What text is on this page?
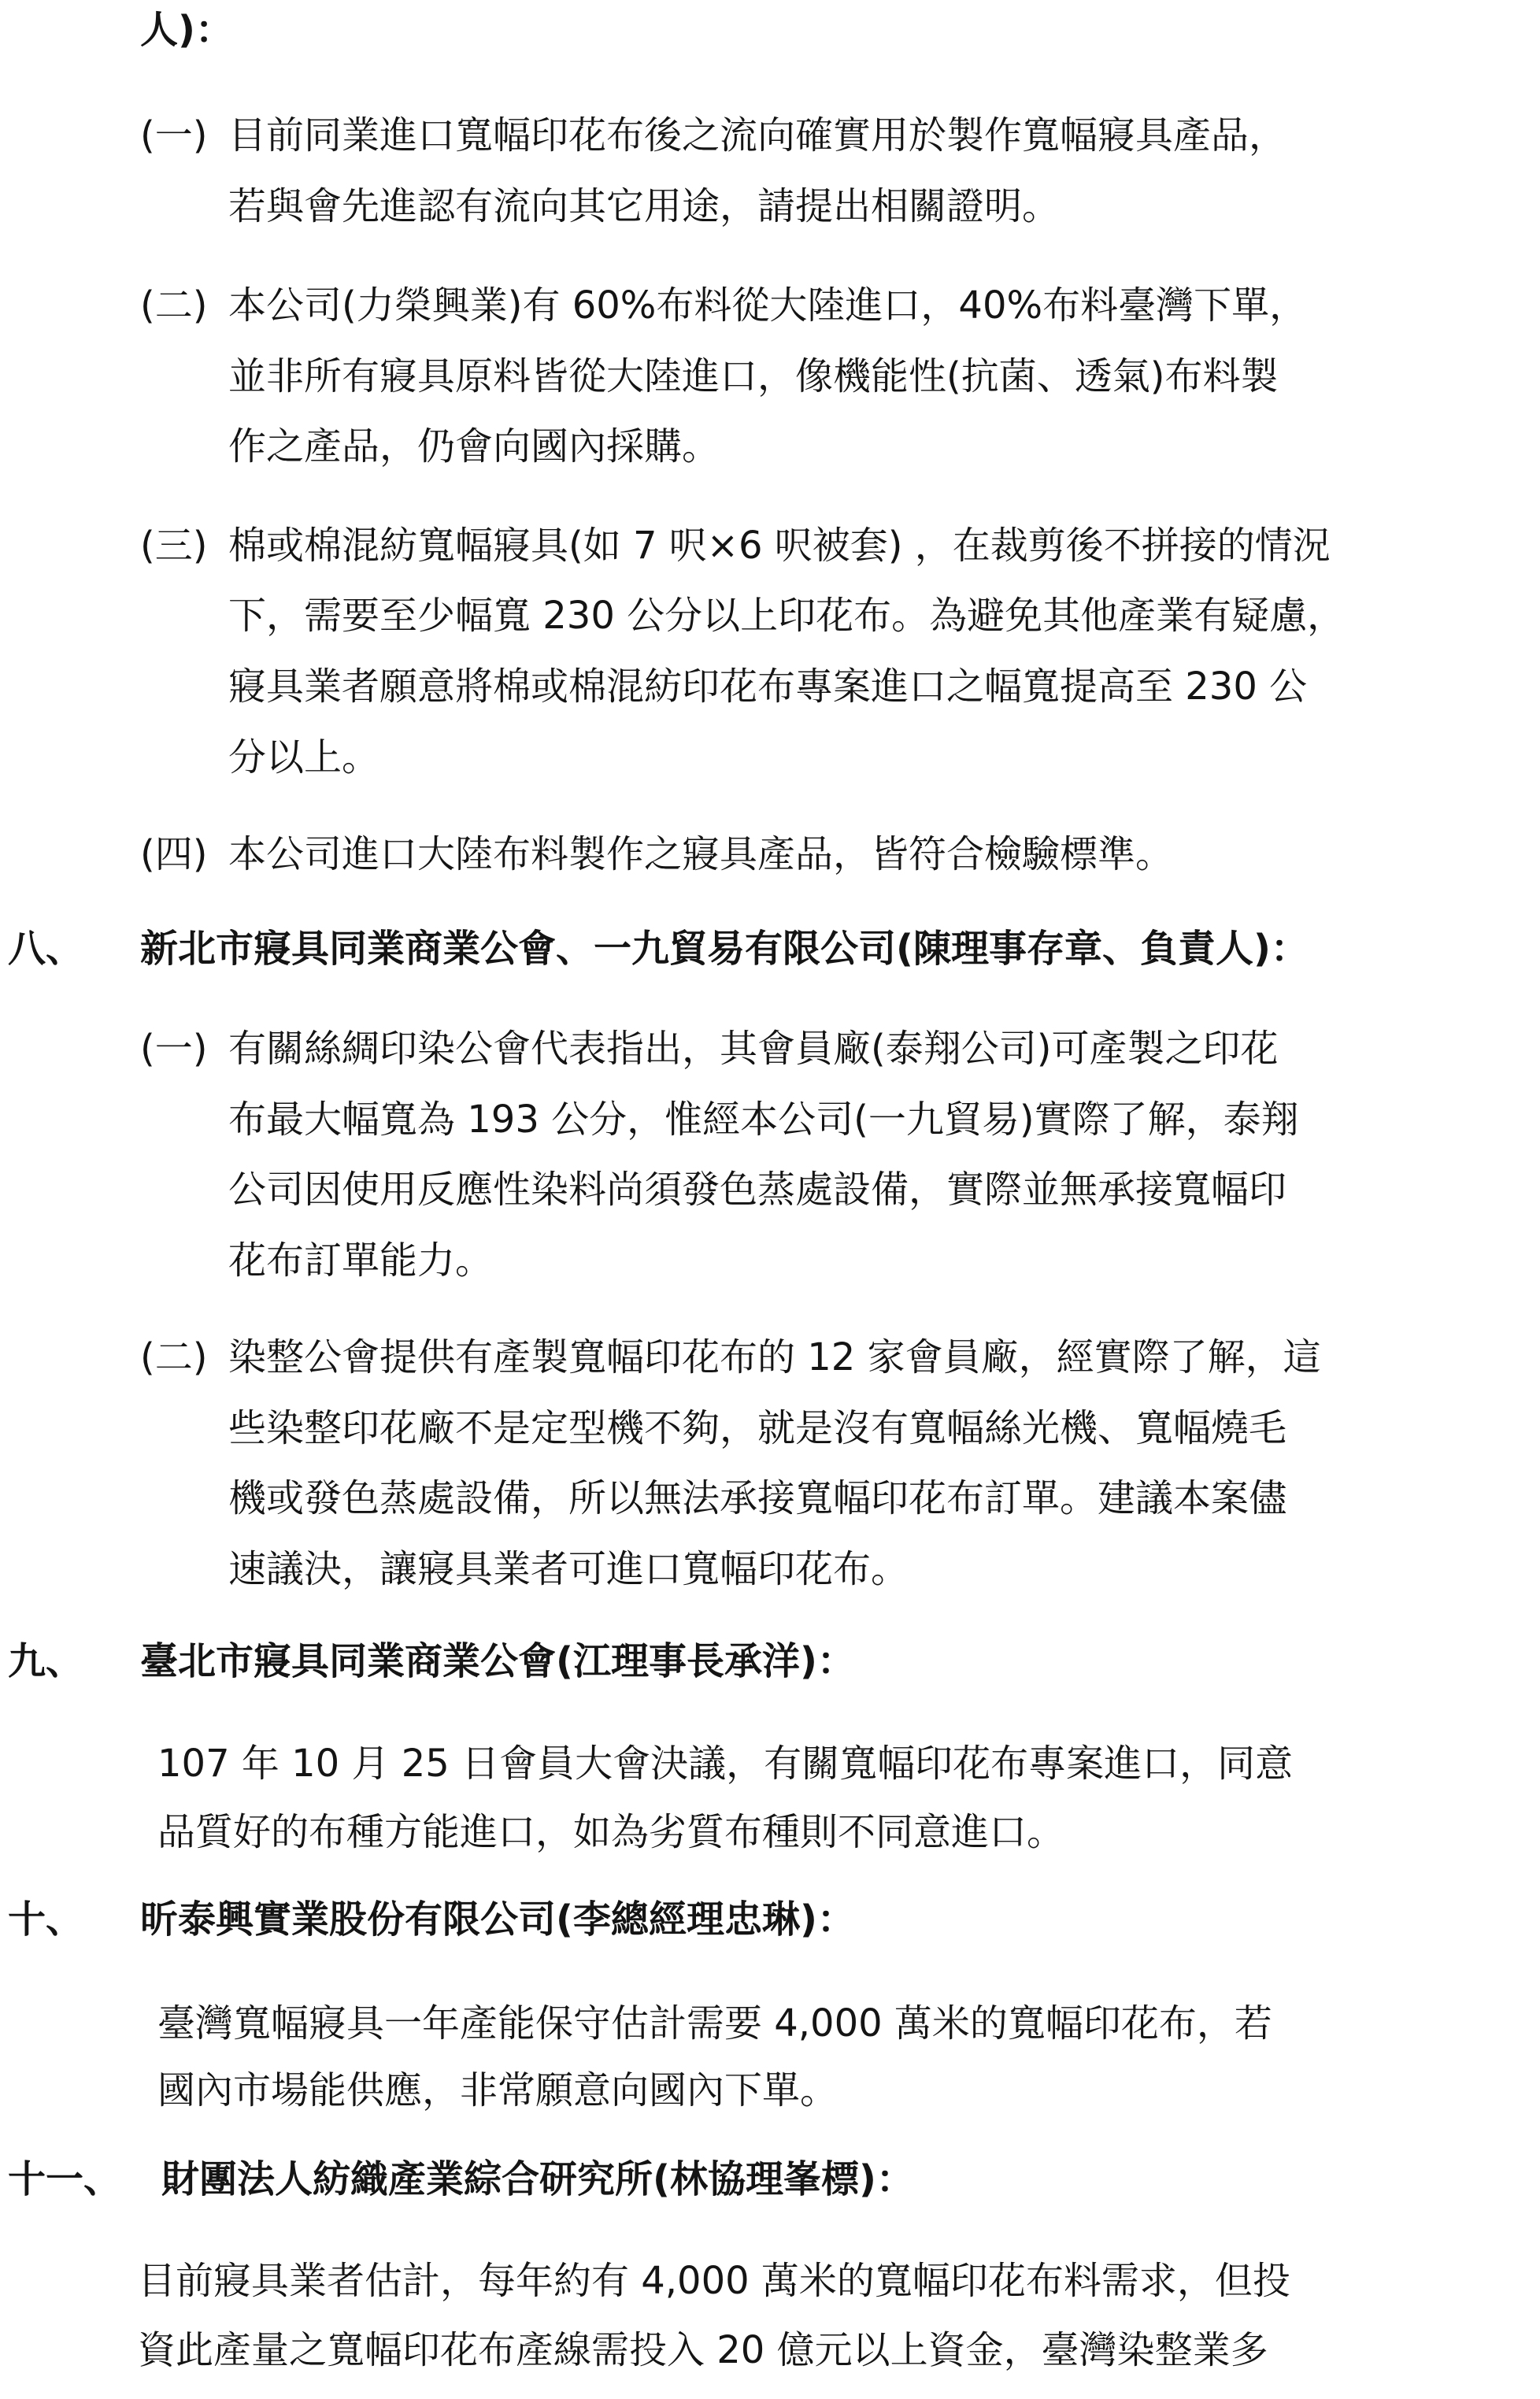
人)：
(一) 目前同業進口寬幅印花布後之流向確實用於製作寬幅寢具產品，
若與會先進認有流向其它用途，請提出相關證明。
(二) 本公司(力榮興業)有 60%布料從大陸進口，40%布料臺灣下單，
並非所有寢具原料皆從大陸進口，像機能性(抗菌、透氣)布料製
作之產品，仍會向國內採購。
(三) 棉或棉混紡寬幅寢具(如 7 呎×6 呎被套) ，在裁剪後不拼接的情況
下，需要至少幅寬 230 公分以上印花布。為避免其他產業有疑慮，
寢具業者願意將棉或棉混紡印花布專案進口之幅寬提高至 230 公
分以上。
(四) 本公司進口大陸布料製作之寢具產品，皆符合檢驗標準。
八、 新北市寢具同業商業公會、一九貿易有限公司(陳理事存章、負責人)：
(一) 有關絲綢印染公會代表指出，其會員廠(泰翔公司)可產製之印花
布最大幅寬為 193 公分，惟經本公司(一九貿易)實際了解，泰翔
公司因使用反應性染料尚須發色蒸處設備，實際並無承接寬幅印
花布訂單能力。
(二) 染整公會提供有產製寬幅印花布的 12 家會員廠，經實際了解，這
些染整印花廠不是定型機不夠，就是沒有寬幅絲光機、寬幅燒毛
機或發色蒸處設備，所以無法承接寬幅印花布訂單。建議本案儘
速議決，讓寢具業者可進口寬幅印花布。
九、 臺北市寢具同業商業公會(江理事長承洋)：
107 年 10 月 25 日會員大會決議，有關寬幅印花布專案進口，同意
品質好的布種方能進口，如為劣質布種則不同意進口。
十、 昕泰興實業股份有限公司(李總經理忠琳)：
臺灣寬幅寢具一年產能保守估計需要 4,000 萬米的寬幅印花布，若
國內市場能供應，非常願意向國內下單。
十一、 財團法人紡織產業綜合研究所(林協理峯標)：
目前寢具業者估計，每年約有 4,000 萬米的寬幅印花布料需求，但投
資此產量之寬幅印花布產線需投入 20 億元以上資金，臺灣染整業多
